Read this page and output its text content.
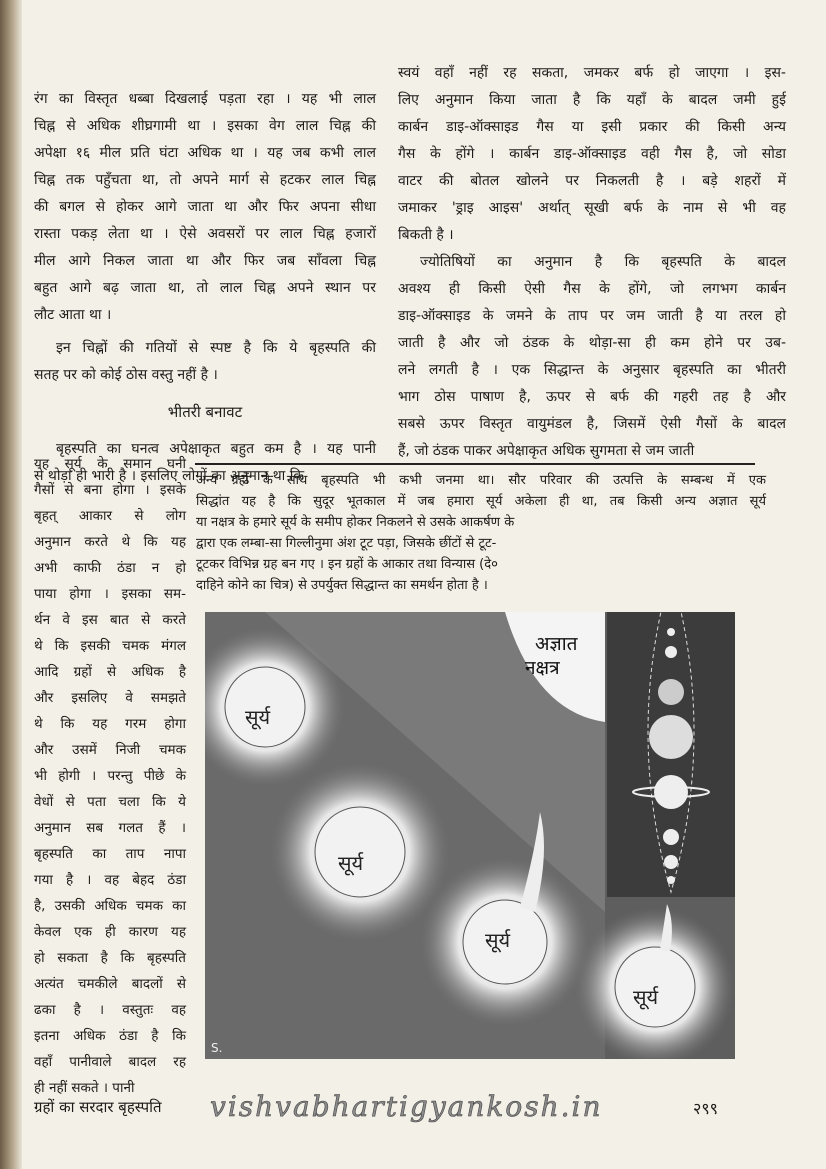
रंग का विस्तृत धब्बा दिखलाई पड़ता रहा । यह भी लाल
चिह्न से अधिक शीघ्रगामी था । इसका वेग लाल चिह्न की
अपेक्षा १६ मील प्रति घंटा अधिक था । यह जब कभी लाल
चिह्न तक पहुँचता था, तो अपने मार्ग से हटकर लाल चिह्न
की बगल से होकर आगे जाता था और फिर अपना सीधा
रास्ता पकड़ लेता था । ऐसे अवसरों पर लाल चिह्न हजारों
मील आगे निकल जाता था और फिर जब साँवला चिह्न
बहुत आगे बढ़ जाता था, तो लाल चिह्न अपने स्थान पर
लौट आता था ।
इन चिह्नों की गतियों से स्पष्ट है कि ये बृहस्पति की
सतह पर को कोई ठोस वस्तु नहीं है ।
भीतरी बनावट
बृहस्पति का घनत्व अपेक्षाकृत बहुत कम है । यह पानी
से थोड़ा ही भारी है । इसलिए लोगों का अनुमान था कि
यह सूर्य के समान घनी
गैसों से बना होगा । इसके
बृहत् आकार से लोग
अनुमान करते थे कि यह
अभी काफी ठंडा न हो
पाया होगा । इसका सम-
र्थन वे इस बात से करते
थे कि इसकी चमक मंगल
आदि ग्रहों से अधिक है
और इसलिए वे समझते
थे कि यह गरम होगा
और उसमें निजी चमक
भी होगी । परन्तु पीछे के
वेधों से पता चला कि ये
अनुमान सब गलत हैं ।
बृहस्पति का ताप नापा
गया है । वह बेहद ठंडा
है, उसकी अधिक चमक का
केवल एक ही कारण यह
हो सकता है कि बृहस्पति
अत्यंत चमकीले बादलों से
ढका है । वस्तुतः वह
इतना अधिक ठंडा है कि
वहाँ पानीवाले बादल रह
ही नहीं सकते । पानी
स्वयं वहाँ नहीं रह सकता, जमकर बर्फ हो जाएगा । इस-
लिए अनुमान किया जाता है कि यहाँ के बादल जमी हुई
कार्बन डाइ-ऑक्साइड गैस या इसी प्रकार की किसी अन्य
गैस के होंगे । कार्बन डाइ-ऑक्साइड वही गैस है, जो सोडा
वाटर की बोतल खोलने पर निकलती है । बड़े शहरों में
जमाकर 'ड्राइ आइस' अर्थात् सूखी बर्फ के नाम से भी वह
बिकती है ।
ज्योतिषियों का अनुमान है कि बृहस्पति के बादल
अवश्य ही किसी ऐसी गैस के होंगे, जो लगभग कार्बन
डाइ-ऑक्साइड के जमने के ताप पर जम जाती है या तरल हो
जाती है और जो ठंडक के थोड़ा-सा ही कम होने पर उब-
लने लगती है । एक सिद्धान्त के अनुसार बृहस्पति का भीतरी
भाग ठोस पाषाण है, ऊपर से बर्फ की गहरी तह है और
सबसे ऊपर विस्तृत वायुमंडल है, जिसमें ऐसी गैसों के बादल
हैं, जो ठंडक पाकर अपेक्षाकृत अधिक सुगमता से जम जाती
अन्य ग्रहों के साथ बृहस्पति भी कभी जनमा था। सौर परिवार की उत्पत्ति के सम्बन्ध में एक
सिद्धांत यह है कि सुदूर भूतकाल में जब हमारा सूर्य अकेला ही था, तब किसी अन्य अज्ञात सूर्य
या नक्षत्र के हमारे सूर्य के समीप होकर निकलने से उसके आकर्षण के
द्वारा एक लम्बा-सा गिल्लीनुमा अंश टूट पड़ा, जिसके छींटों से टूट-
टूटकर विभिन्न ग्रह बन गए । इन ग्रहों के आकार तथा विन्यास (दे०
दाहिने कोने का चित्र) से उपर्युक्त सिद्धान्त का समर्थन होता है ।
सूर्य
सूर्य
सूर्य
सूर्य
अज्ञात
नक्षत्र
S.
ग्रहों का सरदार बृहस्पति vishvabhartigyankosh.in	२९९
